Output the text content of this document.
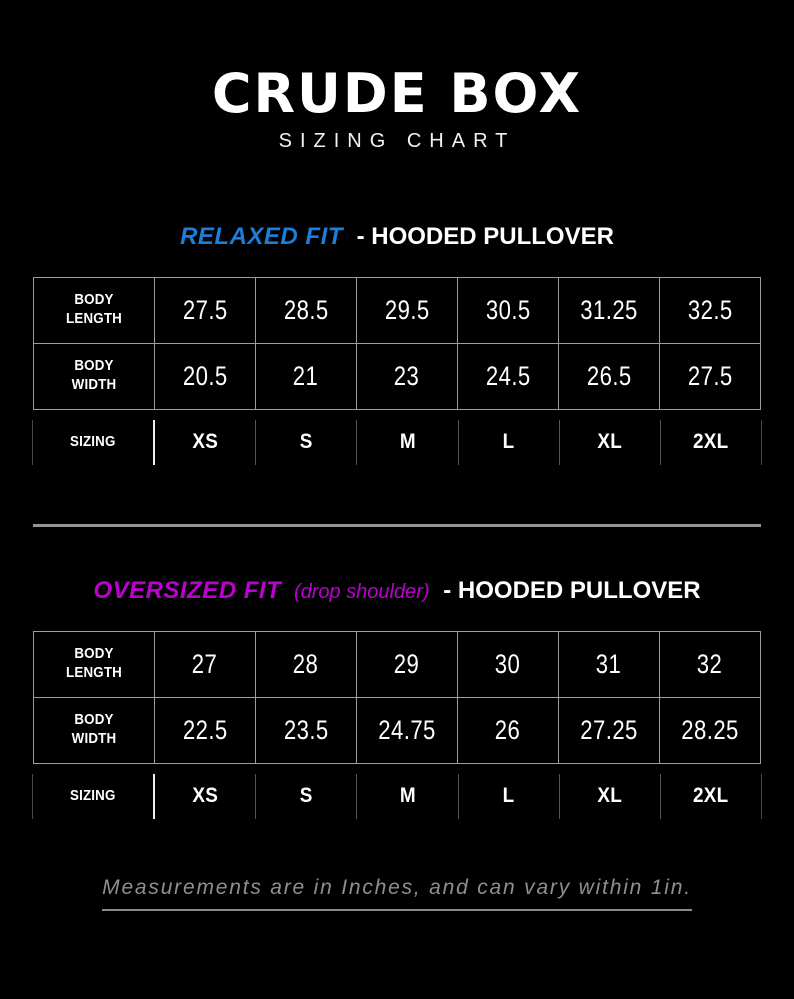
CRUDE BOX
SIZING CHART
RELAXED FIT - HOODED PULLOVER
BODY LENGTH	27.5	28.5	29.5	30.5	31.25	32.5
BODY WIDTH	20.5	21	23	24.5	26.5	27.5
SIZING	XS	S	M	L	XL	2XL
OVERSIZED FIT (drop shoulder) - HOODED PULLOVER
BODY LENGTH	27	28	29	30	31	32
BODY WIDTH	22.5	23.5	24.75	26	27.25	28.25
SIZING	XS	S	M	L	XL	2XL
Measurements are in Inches, and can vary within 1in.
